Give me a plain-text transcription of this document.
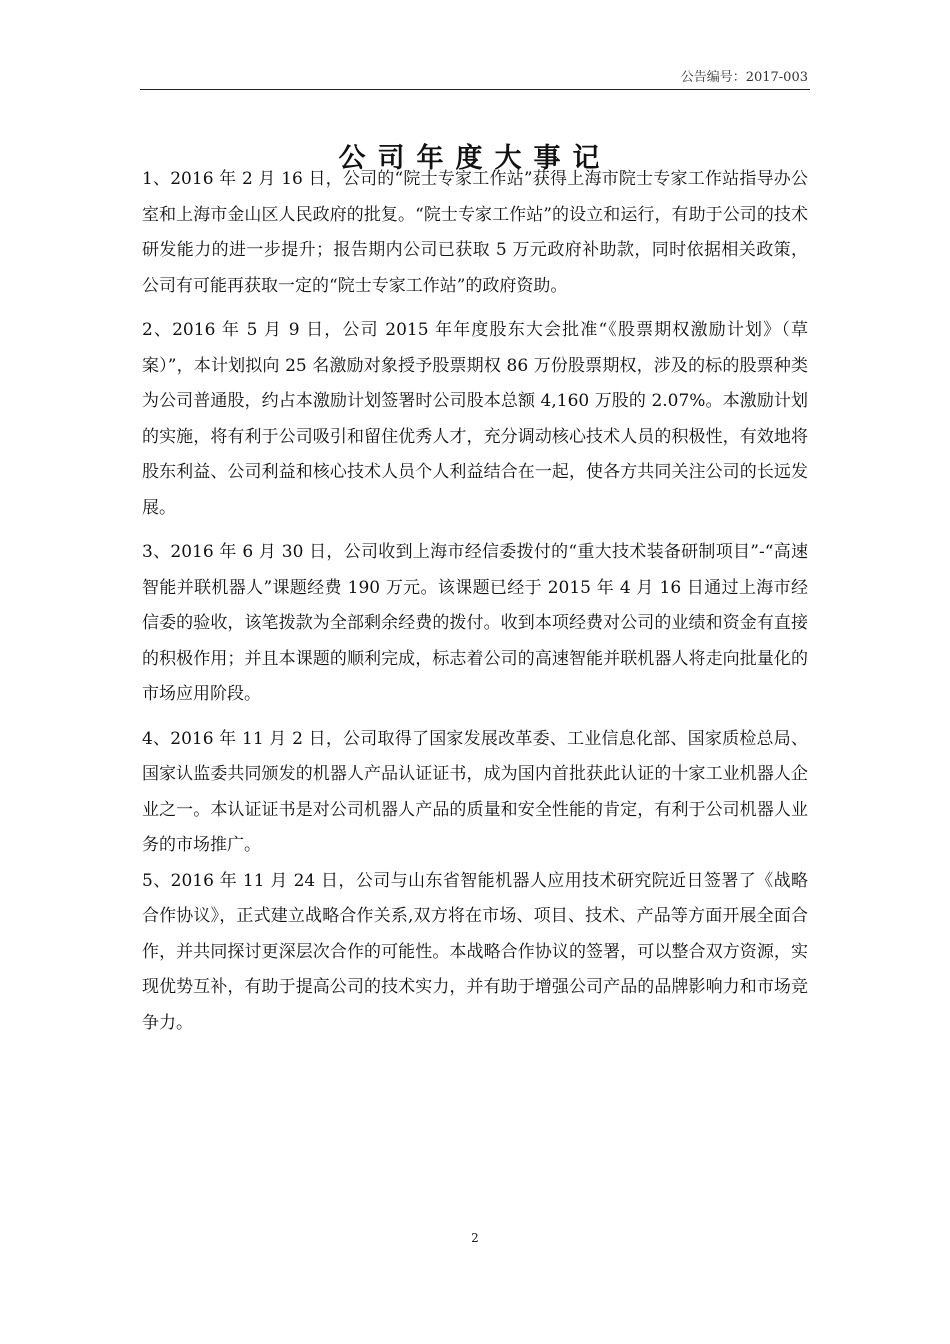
公告编号：2017-003
公司年度大事记

1、2016 年 2 月 16 日，公司的“院士专家工作站”获得上海市院士专家工作站指导办公室和上海市金山区人民政府的批复。“院士专家工作站”的设立和运行，有助于公司的技术研发能力的进一步提升；报告期内公司已获取 5 万元政府补助款，同时依据相关政策，公司有可能再获取一定的“院士专家工作站”的政府资助。

2、2016 年 5 月 9 日，公司 2015 年年度股东大会批准“《股票期权激励计划》（草案）”，本计划拟向 25 名激励对象授予股票期权 86 万份股票期权，涉及的标的股票种类为公司普通股，约占本激励计划签署时公司股本总额 4,160 万股的 2.07%。本激励计划的实施，将有利于公司吸引和留住优秀人才，充分调动核心技术人员的积极性，有效地将股东利益、公司利益和核心技术人员个人利益结合在一起，使各方共同关注公司的长远发展。

3、2016 年 6 月 30 日，公司收到上海市经信委拨付的“重大技术装备研制项目”-“高速智能并联机器人”课题经费 190 万元。该课题已经于 2015 年 4 月 16 日通过上海市经信委的验收，该笔拨款为全部剩余经费的拨付。收到本项经费对公司的业绩和资金有直接的积极作用；并且本课题的顺利完成，标志着公司的高速智能并联机器人将走向批量化的市场应用阶段。

4、2016 年 11 月 2 日，公司取得了国家发展改革委、工业信息化部、国家质检总局、国家认监委共同颁发的机器人产品认证证书，成为国内首批获此认证的十家工业机器人企业之一。本认证证书是对公司机器人产品的质量和安全性能的肯定，有利于公司机器人业务的市场推广。

5、2016 年 11 月 24 日，公司与山东省智能机器人应用技术研究院近日签署了《战略合作协议》，正式建立战略合作关系,双方将在市场、项目、技术、产品等方面开展全面合作，并共同探讨更深层次合作的可能性。本战略合作协议的签署，可以整合双方资源，实现优势互补，有助于提高公司的技术实力，并有助于增强公司产品的品牌影响力和市场竞争力。

2
